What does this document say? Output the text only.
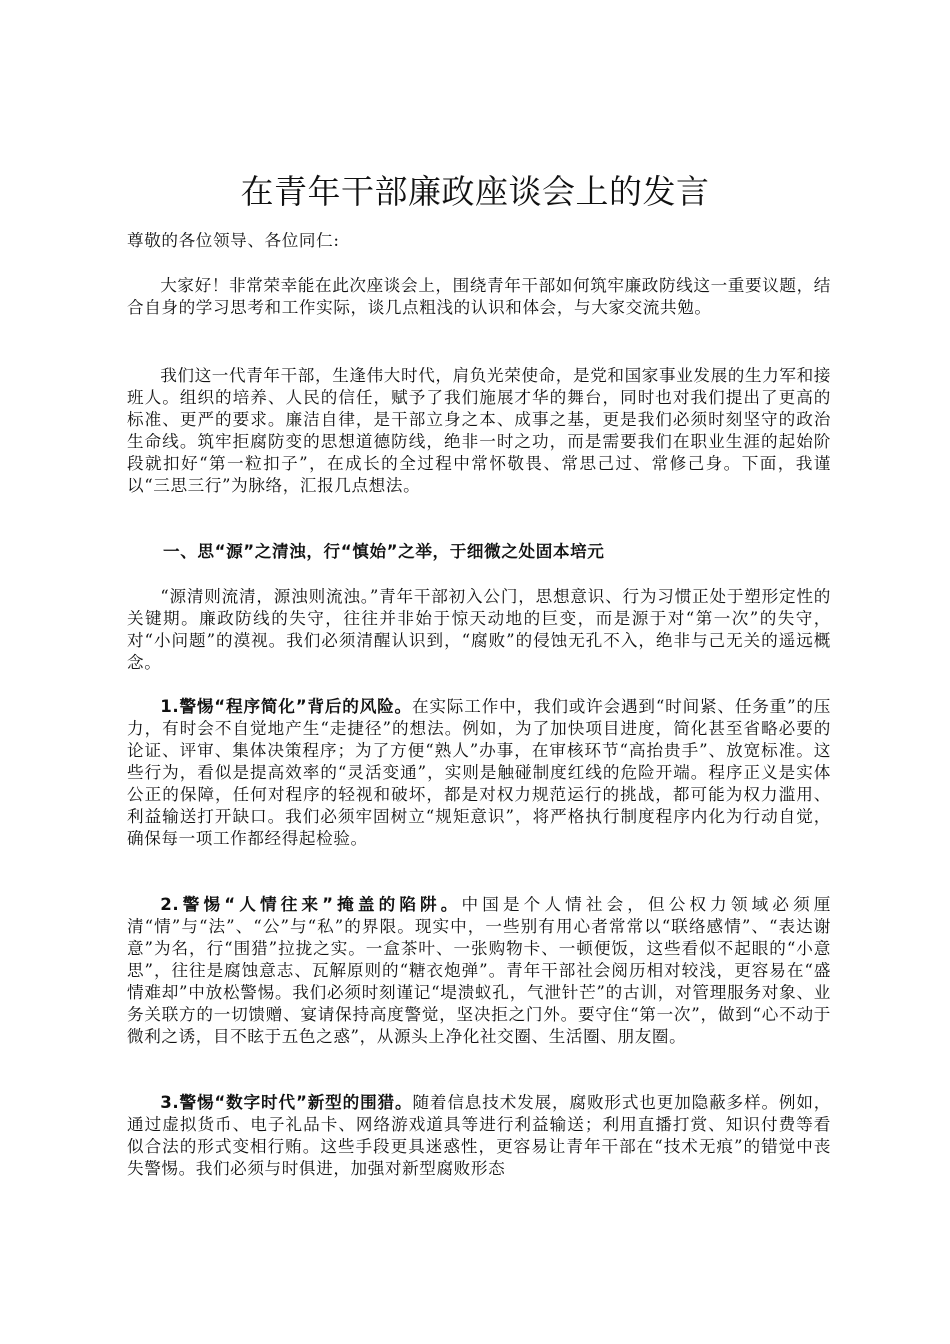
在青年干部廉政座谈会上的发言

尊敬的各位领导、各位同仁:

大家好！非常荣幸能在此次座谈会上，围绕青年干部如何筑牢廉政防线这一重要议题，结合自身的学习思考和工作实际，谈几点粗浅的认识和体会，与大家交流共勉。

我们这一代青年干部，生逢伟大时代，肩负光荣使命，是党和国家事业发展的生力军和接班人。组织的培养、人民的信任，赋予了我们施展才华的舞台，同时也对我们提出了更高的标准、更严的要求。廉洁自律，是干部立身之本、成事之基，更是我们必须时刻坚守的政治生命线。筑牢拒腐防变的思想道德防线，绝非一时之功，而是需要我们在职业生涯的起始阶段就扣好“第一粒扣子”，在成长的全过程中常怀敬畏、常思己过、常修己身。下面，我谨以“三思三行”为脉络，汇报几点想法。

一、思“源”之清浊，行“慎始”之举，于细微之处固本培元

“源清则流清，源浊则流浊。”青年干部初入公门，思想意识、行为习惯正处于塑形定性的关键期。廉政防线的失守，往往并非始于惊天动地的巨变，而是源于对“第一次”的失守，对“小问题”的漠视。我们必须清醒认识到，“腐败”的侵蚀无孔不入，绝非与己无关的遥远概念。

1.警惕“程序简化”背后的风险。在实际工作中，我们或许会遇到“时间紧、任务重”的压力，有时会不自觉地产生“走捷径”的想法。例如，为了加快项目进度，简化甚至省略必要的论证、评审、集体决策程序；为了方便“熟人”办事，在审核环节“高抬贵手”、放宽标准。这些行为，看似是提高效率的“灵活变通”，实则是触碰制度红线的危险开端。程序正义是实体公正的保障，任何对程序的轻视和破坏，都是对权力规范运行的挑战，都可能为权力滥用、利益输送打开缺口。我们必须牢固树立“规矩意识”，将严格执行制度程序内化为行动自觉，确保每一项工作都经得起检验。

2.警惕“人情往来”掩盖的陷阱。中国是个人情社会，但公权力领域必须厘清“情”与“法”、“公”与“私”的界限。现实中，一些别有用心者常常以“联络感情”、“表达谢意”为名，行“围猎”拉拢之实。一盒茶叶、一张购物卡、一顿便饭，这些看似不起眼的“小意思”，往往是腐蚀意志、瓦解原则的“糖衣炮弹”。青年干部社会阅历相对较浅，更容易在“盛情难却”中放松警惕。我们必须时刻谨记“堤溃蚁孔，气泄针芒”的古训，对管理服务对象、业务关联方的一切馈赠、宴请保持高度警觉，坚决拒之门外。要守住“第一次”，做到“心不动于微利之诱，目不眩于五色之惑”，从源头上净化社交圈、生活圈、朋友圈。

3.警惕“数字时代”新型的围猎。随着信息技术发展，腐败形式也更加隐蔽多样。例如，通过虚拟货币、电子礼品卡、网络游戏道具等进行利益输送；利用直播打赏、知识付费等看似合法的形式变相行贿。这些手段更具迷惑性，更容易让青年干部在“技术无痕”的错觉中丧失警惕。我们必须与时俱进，加强对新型腐败形态
